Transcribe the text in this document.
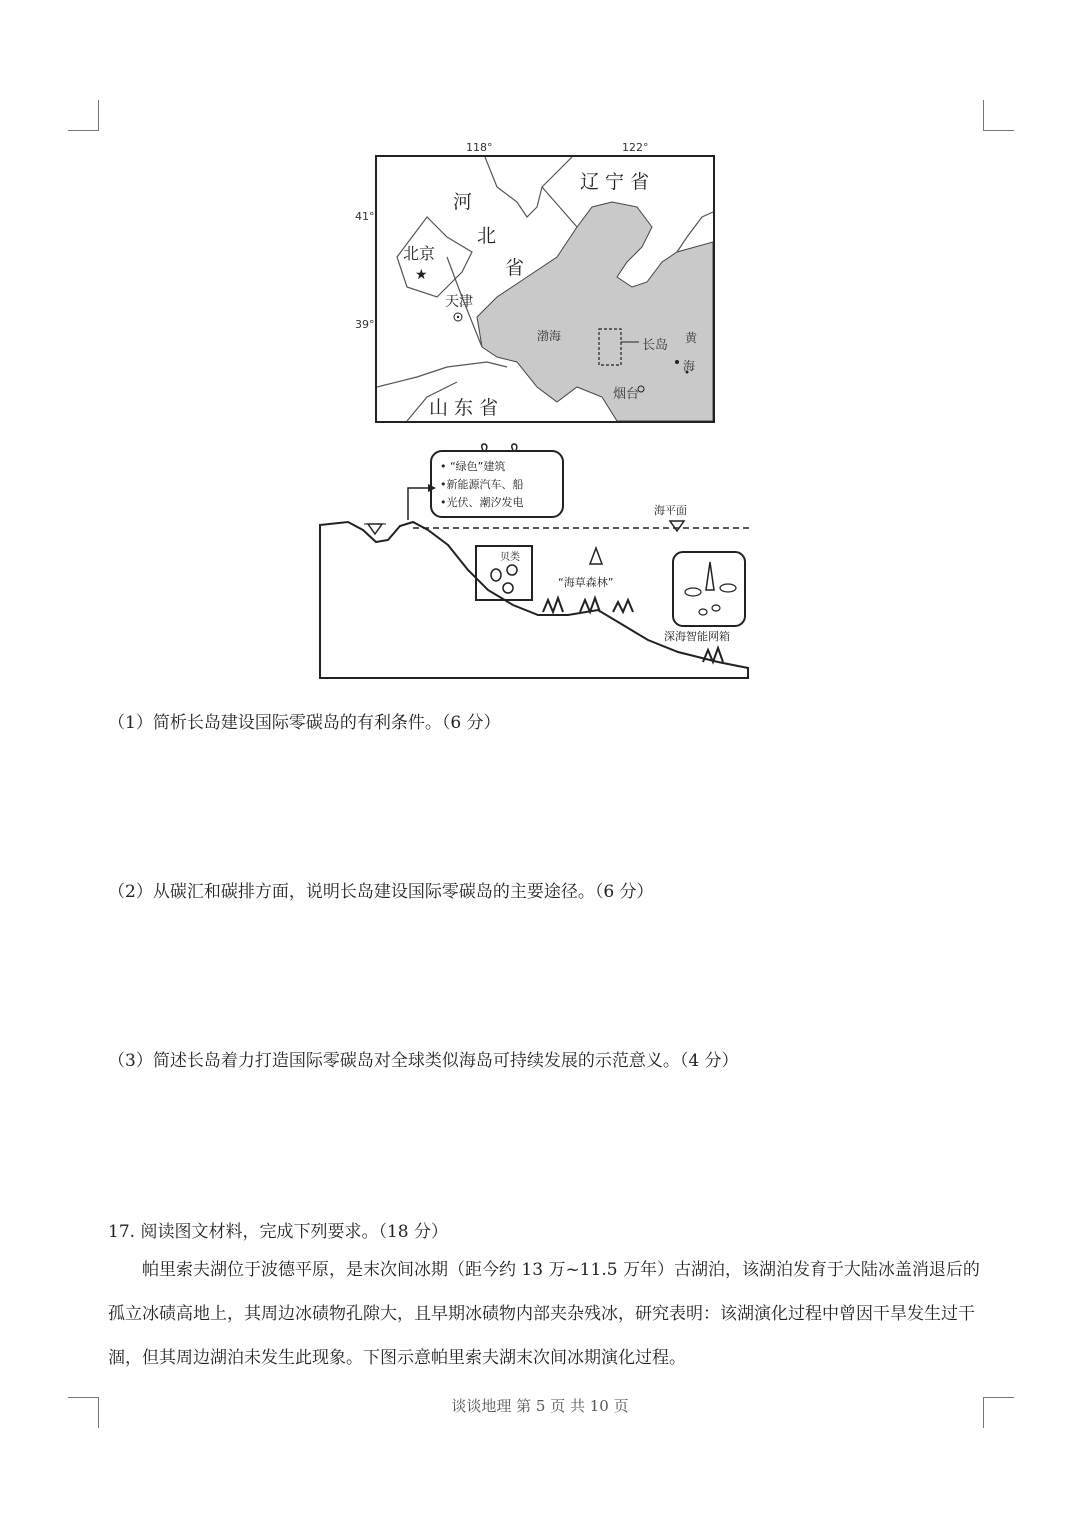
118°	122°
41°
39°
★
辽 宁 省
河
北
省
北京
天津
渤海
长岛 黄
海
烟台
山 东 省
• “绿色”建筑
•新能源汽车、船
•光伏、潮汐发电
海平面
贝类
“海草森林”
深海智能网箱
（1）简析长岛建设国际零碳岛的有利条件。（6 分）
（2）从碳汇和碳排方面，说明长岛建设国际零碳岛的主要途径。（6 分）
（3）简述长岛着力打造国际零碳岛对全球类似海岛可持续发展的示范意义。（4 分）
17. 阅读图文材料，完成下列要求。（18 分）
帕里索夫湖位于波德平原，是末次间冰期（距今约 13 万~11.5 万年）古湖泊，该湖泊发育于大陆冰盖消退后的孤立冰碛高地上，其周边冰碛物孔隙大，且早期冰碛物内部夹杂残冰，研究表明：该湖演化过程中曾因干旱发生过干涸，但其周边湖泊未发生此现象。下图示意帕里索夫湖末次间冰期演化过程。
谈谈地理 第 5 页 共 10 页
